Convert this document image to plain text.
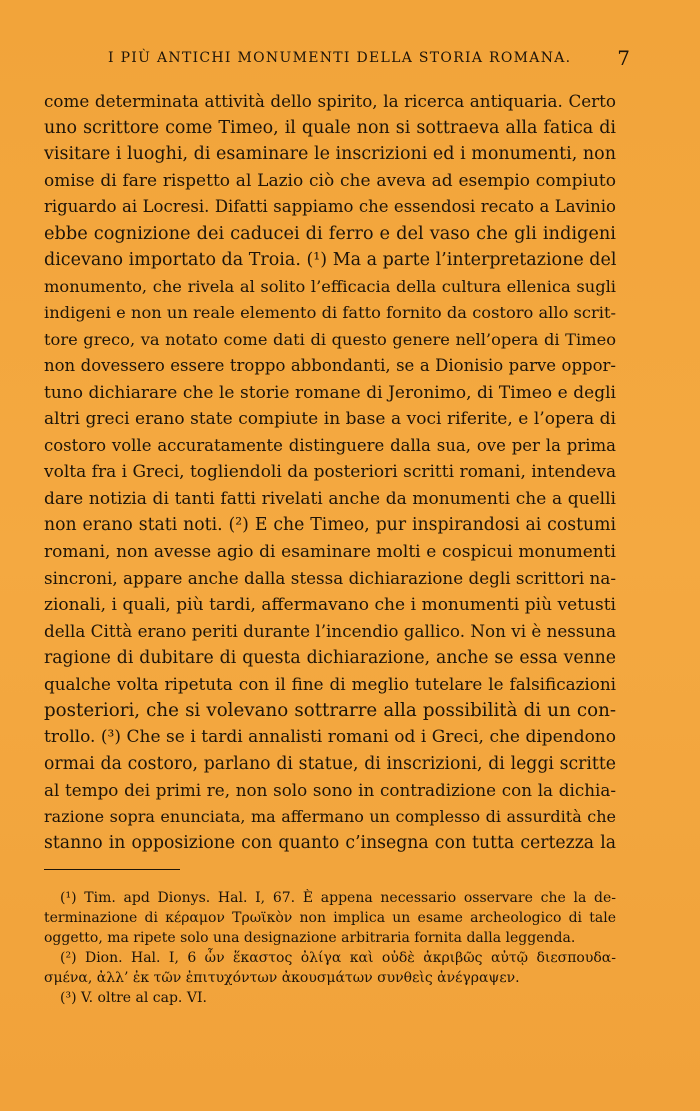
I PIÙ ANTICHI MONUMENTI DELLA STORIA ROMANA. 7
come determinata attività dello spirito, la ricerca antiquaria. Certo
uno scrittore come Timeo, il quale non si sottraeva alla fatica di
visitare i luoghi, di esaminare le inscrizioni ed i monumenti, non
omise di fare rispetto al Lazio ciò che aveva ad esempio compiuto
riguardo ai Locresi. Difatti sappiamo che essendosi recato a Lavinio
ebbe cognizione dei caducei di ferro e del vaso che gli indigeni
dicevano importato da Troia. (¹) Ma a parte l’interpretazione del
monumento, che rivela al solito l’efficacia della cultura ellenica sugli
indigeni e non un reale elemento di fatto fornito da costoro allo scrit-
tore greco, va notato come dati di questo genere nell’opera di Timeo
non dovessero essere troppo abbondanti, se a Dionisio parve oppor-
tuno dichiarare che le storie romane di Jeronimo, di Timeo e degli
altri greci erano state compiute in base a voci riferite, e l’opera di
costoro volle accuratamente distinguere dalla sua, ove per la prima
volta fra i Greci, togliendoli da posteriori scritti romani, intendeva
dare notizia di tanti fatti rivelati anche da monumenti che a quelli
non erano stati noti. (²) E che Timeo, pur inspirandosi ai costumi
romani, non avesse agio di esaminare molti e cospicui monumenti
sincroni, appare anche dalla stessa dichiarazione degli scrittori na-
zionali, i quali, più tardi, affermavano che i monumenti più vetusti
della Città erano periti durante l’incendio gallico. Non vi è nessuna
ragione di dubitare di questa dichiarazione, anche se essa venne
qualche volta ripetuta con il fine di meglio tutelare le falsificazioni
posteriori, che si volevano sottrarre alla possibilità di un con-
trollo. (³) Che se i tardi annalisti romani od i Greci, che dipendono
ormai da costoro, parlano di statue, di inscrizioni, di leggi scritte
al tempo dei primi re, non solo sono in contradizione con la dichia-
razione sopra enunciata, ma affermano un complesso di assurdità che
stanno in opposizione con quanto c’insegna con tutta certezza la
(¹) Tim. apd Dionys. Hal. I, 67. È appena necessario osservare che la de-
terminazione di κέραμον Τρωϊκὸν non implica un esame archeologico di tale
oggetto, ma ripete solo una designazione arbitraria fornita dalla leggenda.
(²) Dion. Hal. I, 6 ὧν ἕκαστος ὀλίγα καὶ οὐδὲ ἀκριβῶς αὐτῷ διεσπουδα-
σμένα, ἀλλ’ ἐκ τῶν ἐπιτυχόντων ἀκουσμάτων συνθεὶς ἀνέγραψεν.
(³) V. oltre al cap. VI.
